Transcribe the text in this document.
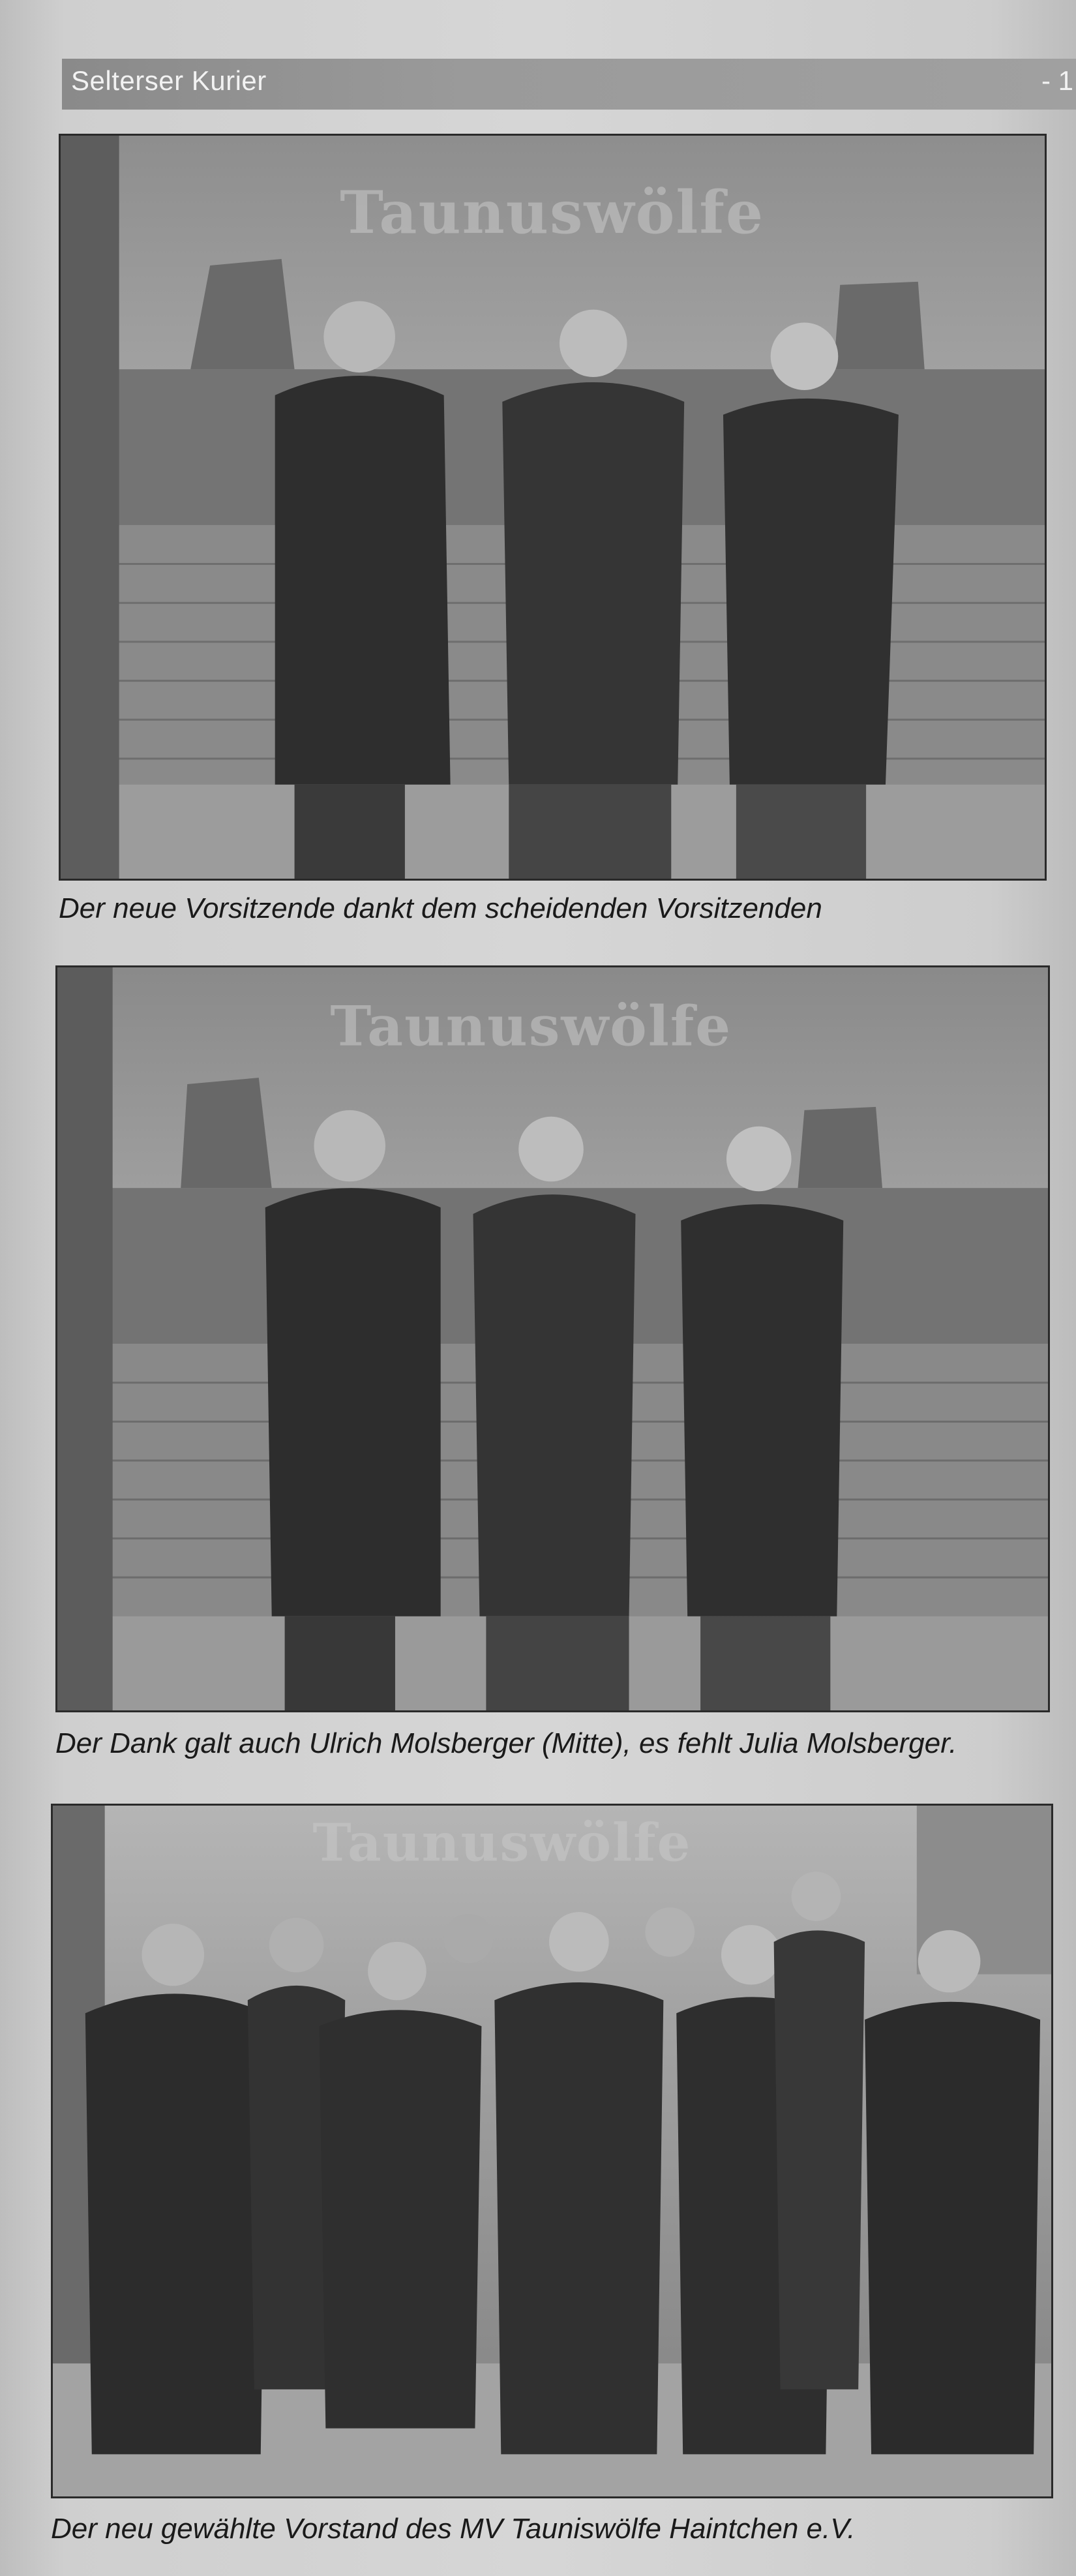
Selterser Kurier	- 1
Taunuswölfe
Der neue Vorsitzende dankt dem scheidenden Vorsitzenden
Taunuswölfe
Der Dank galt auch Ulrich Molsberger (Mitte), es fehlt Julia Molsberger.
Taunuswölfe
Der neu gewählte Vorstand des MV Tauniswölfe Haintchen e.V.
